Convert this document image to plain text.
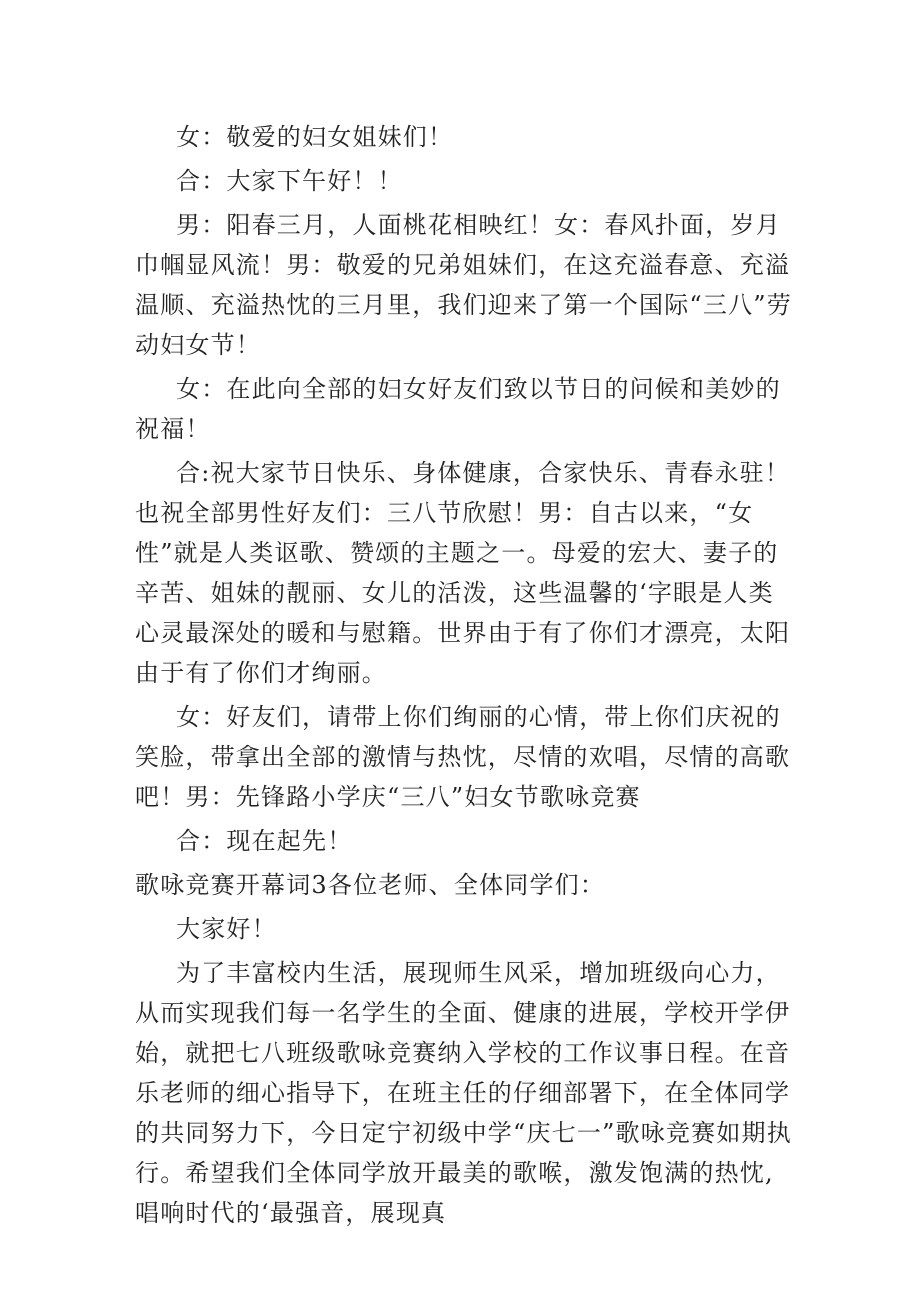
女：敬爱的妇女姐妹们！

合：大家下午好！！

男：阳春三月，人面桃花相映红！女：春风扑面，岁月巾帼显风流！男：敬爱的兄弟姐妹们，在这充溢春意、充溢温顺、充溢热忱的三月里，我们迎来了第一个国际“三八”劳动妇女节！

女：在此向全部的妇女好友们致以节日的问候和美妙的祝福！

合:祝大家节日快乐、身体健康，合家快乐、青春永驻！也祝全部男性好友们：三八节欣慰！男：自古以来，“女性”就是人类讴歌、赞颂的主题之一。母爱的宏大、妻子的辛苦、姐妹的靓丽、女儿的活泼，这些温馨的‘字眼是人类心灵最深处的暖和与慰籍。世界由于有了你们才漂亮，太阳由于有了你们才绚丽。

女：好友们，请带上你们绚丽的心情，带上你们庆祝的笑脸，带拿出全部的激情与热忱，尽情的欢唱，尽情的高歌吧！男：先锋路小学庆“三八”妇女节歌咏竞赛

合：现在起先！

歌咏竞赛开幕词3各位老师、全体同学们：

大家好！

为了丰富校内生活，展现师生风采，增加班级向心力，从而实现我们每一名学生的全面、健康的进展，学校开学伊始，就把七八班级歌咏竞赛纳入学校的工作议事日程。在音乐老师的细心指导下，在班主任的仔细部署下，在全体同学的共同努力下，今日定宁初级中学“庆七一”歌咏竞赛如期执行。希望我们全体同学放开最美的歌喉，激发饱满的热忱,唱响时代的‘最强音，展现真
